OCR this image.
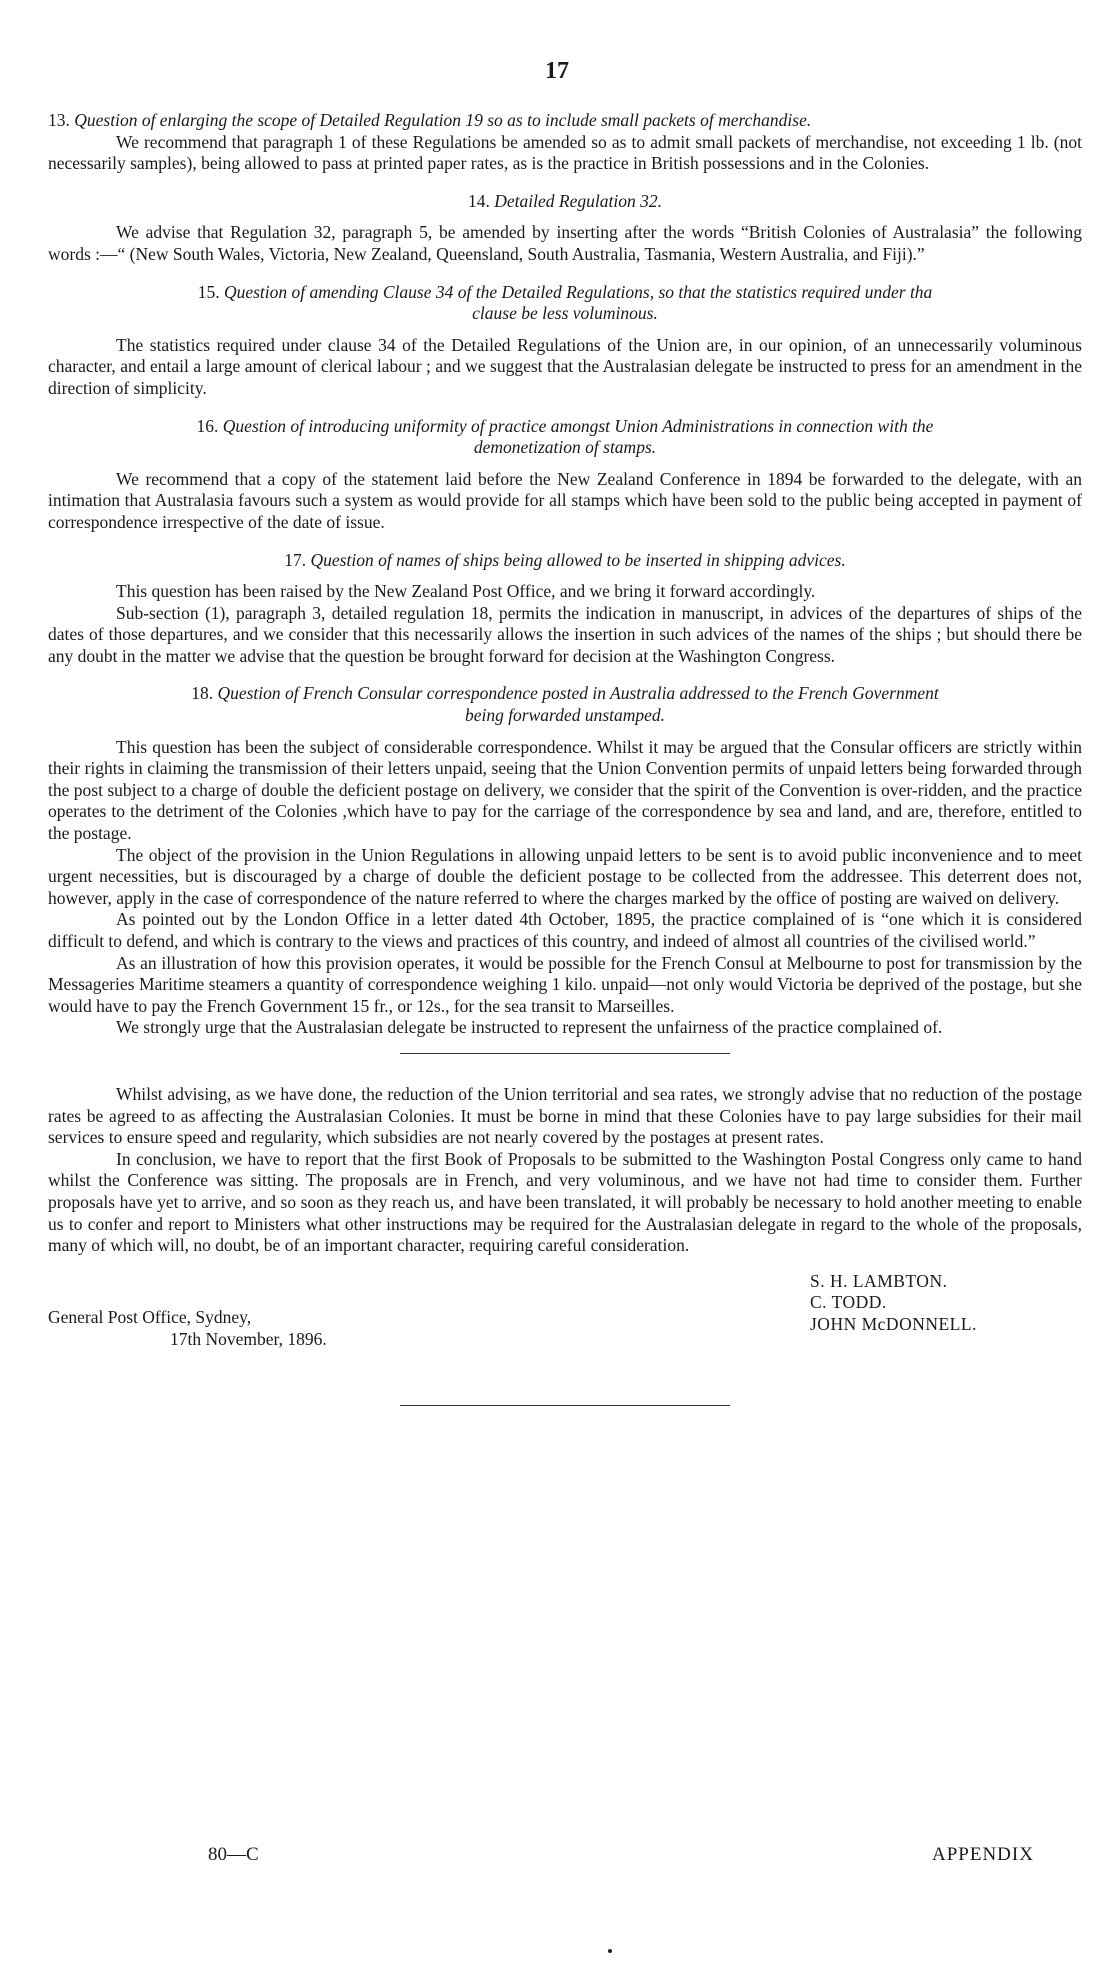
17

13. Question of enlarging the scope of Detailed Regulation 19 so as to include small packets of merchandise.

We recommend that paragraph 1 of these Regulations be amended so as to admit small packets of merchandise, not exceeding 1 lb. (not necessarily samples), being allowed to pass at printed paper rates, as is the practice in British possessions and in the Colonies.

14. Detailed Regulation 32.

We advise that Regulation 32, paragraph 5, be amended by inserting after the words “British Colonies of Australasia” the following words :—“ (New South Wales, Victoria, New Zealand, Queensland, South Australia, Tasmania, Western Australia, and Fiji).”

15. Question of amending Clause 34 of the Detailed Regulations, so that the statistics required under tha

clause be less voluminous.

The statistics required under clause 34 of the Detailed Regulations of the Union are, in our opinion, of an unnecessarily voluminous character, and entail a large amount of clerical labour ; and we suggest that the Australasian delegate be instructed to press for an amendment in the direction of simplicity.

16. Question of introducing uniformity of practice amongst Union Administrations in connection with the

demonetization of stamps.

We recommend that a copy of the statement laid before the New Zealand Conference in 1894 be forwarded to the delegate, with an intimation that Australasia favours such a system as would provide for all stamps which have been sold to the public being accepted in payment of correspondence irrespective of the date of issue.

17. Question of names of ships being allowed to be inserted in shipping advices.

This question has been raised by the New Zealand Post Office, and we bring it forward accordingly.

Sub-section (1), paragraph 3, detailed regulation 18, permits the indication in manuscript, in advices of the departures of ships of the dates of those departures, and we consider that this necessarily allows the insertion in such advices of the names of the ships ; but should there be any doubt in the matter we advise that the question be brought forward for decision at the Washington Congress.

18. Question of French Consular correspondence posted in Australia addressed to the French Government

being forwarded unstamped.

This question has been the subject of considerable correspondence. Whilst it may be argued that the Consular officers are strictly within their rights in claiming the transmission of their letters unpaid, seeing that the Union Convention permits of unpaid letters being forwarded through the post subject to a charge of double the deficient postage on delivery, we consider that the spirit of the Convention is over-ridden, and the practice operates to the detriment of the Colonies ,which have to pay for the carriage of the correspondence by sea and land, and are, therefore, entitled to the postage.

The object of the provision in the Union Regulations in allowing unpaid letters to be sent is to avoid public inconvenience and to meet urgent necessities, but is discouraged by a charge of double the deficient postage to be collected from the addressee. This deterrent does not, however, apply in the case of correspondence of the nature referred to where the charges marked by the office of posting are waived on delivery.

As pointed out by the London Office in a letter dated 4th October, 1895, the practice complained of is “one which it is considered difficult to defend, and which is contrary to the views and practices of this country, and indeed of almost all countries of the civilised world.”

As an illustration of how this provision operates, it would be possible for the French Consul at Melbourne to post for transmission by the Messageries Maritime steamers a quantity of correspondence weighing 1 kilo. unpaid—not only would Victoria be deprived of the postage, but she would have to pay the French Government 15 fr., or 12s., for the sea transit to Marseilles.

We strongly urge that the Australasian delegate be instructed to represent the unfairness of the practice complained of.

Whilst advising, as we have done, the reduction of the Union territorial and sea rates, we strongly advise that no reduction of the postage rates be agreed to as affecting the Australasian Colonies. It must be borne in mind that these Colonies have to pay large subsidies for their mail services to ensure speed and regularity, which subsidies are not nearly covered by the postages at present rates.

In conclusion, we have to report that the first Book of Proposals to be submitted to the Washington Postal Congress only came to hand whilst the Conference was sitting. The proposals are in French, and very voluminous, and we have not had time to consider them. Further proposals have yet to arrive, and so soon as they reach us, and have been translated, it will probably be necessary to hold another meeting to enable us to confer and report to Ministers what other instructions may be required for the Australasian delegate in regard to the whole of the proposals, many of which will, no doubt, be of an important character, requiring careful consideration.

S. H. LAMBTON.
C. TODD.
JOHN McDONNELL.
General Post Office, Sydney,
17th November, 1896.
80—C	APPENDIX
